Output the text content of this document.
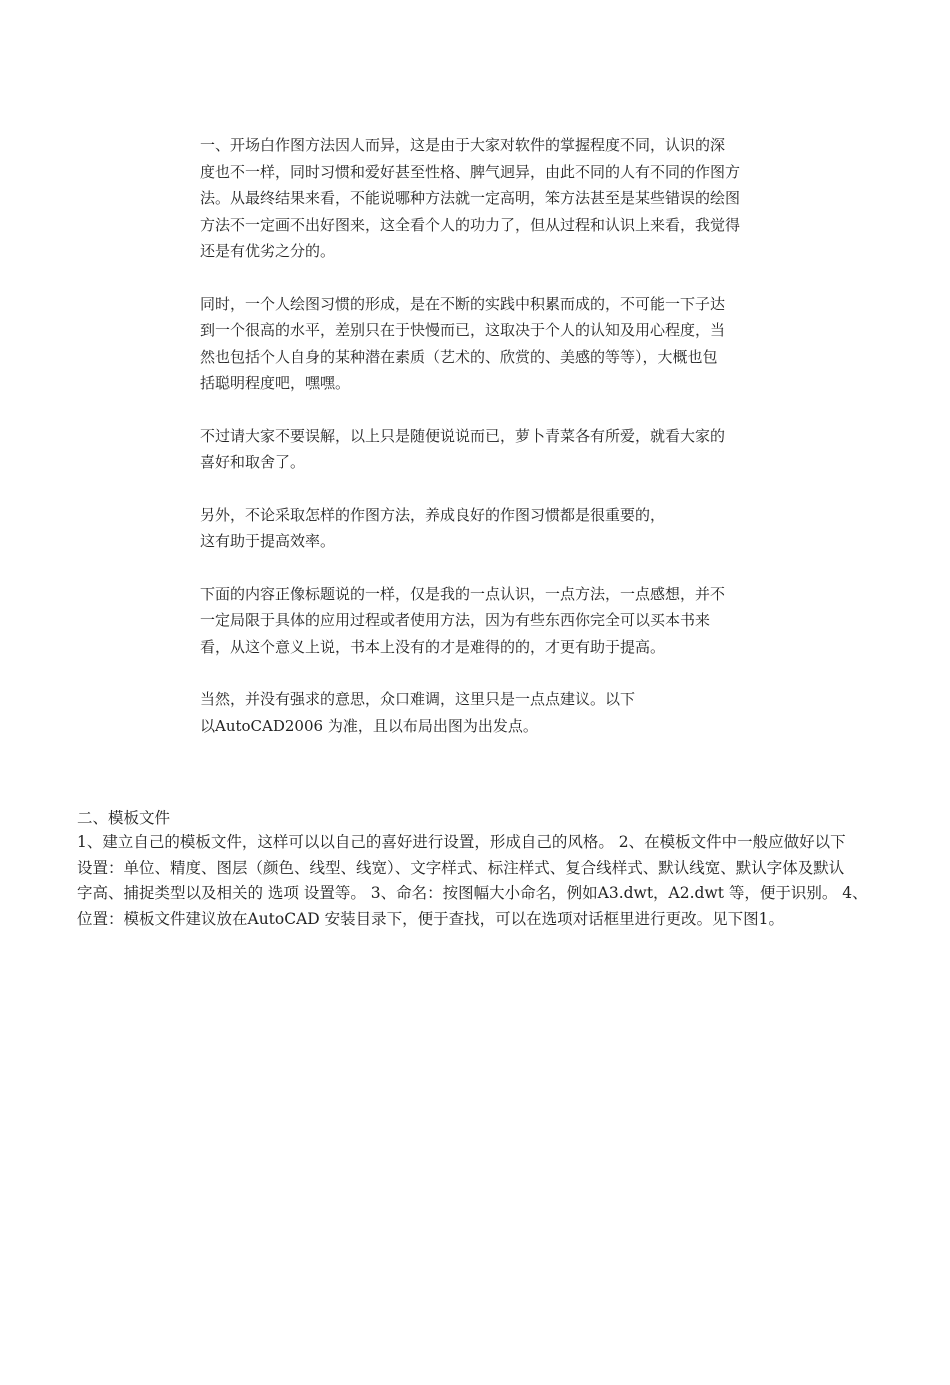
一、开场白作图方法因人而异，这是由于大家对软件的掌握程度不同，认识的深
度也不一样，同时习惯和爱好甚至性格、脾气迥异，由此不同的人有不同的作图方
法。从最终结果来看，不能说哪种方法就一定高明，笨方法甚至是某些错误的绘图
方法不一定画不出好图来，这全看个人的功力了，但从过程和认识上来看，我觉得
还是有优劣之分的。
同时，一个人绘图习惯的形成，是在不断的实践中积累而成的，不可能一下子达
到一个很高的水平，差别只在于快慢而已，这取决于个人的认知及用心程度，当
然也包括个人自身的某种潜在素质（艺术的、欣赏的、美感的等等），大概也包
括聪明程度吧，嘿嘿。
不过请大家不要误解，以上只是随便说说而已，萝卜青菜各有所爱，就看大家的
喜好和取舍了。
另外，不论采取怎样的作图方法，养成良好的作图习惯都是很重要的，
这有助于提高效率。
下面的内容正像标题说的一样，仅是我的一点认识，一点方法，一点感想，并不
一定局限于具体的应用过程或者使用方法，因为有些东西你完全可以买本书来
看，从这个意义上说，书本上没有的才是难得的的，才更有助于提高。
当然，并没有强求的意思，众口难调，这里只是一点点建议。以下
以AutoCAD2006 为准，且以布局出图为出发点。
二、模板文件
1、建立自己的模板文件，这样可以以自己的喜好进行设置，形成自己的风格。 2、在模板文件中一般应做好以下
设置：单位、精度、图层（颜色、线型、线宽）、文字样式、标注样式、复合线样式、默认线宽、默认字体及默认
字高、捕捉类型以及相关的 选项 设置等。 3、命名：按图幅大小命名，例如A3.dwt，A2.dwt 等，便于识别。 4、
位置：模板文件建议放在AutoCAD 安装目录下，便于查找，可以在选项对话框里进行更改。见下图1。
